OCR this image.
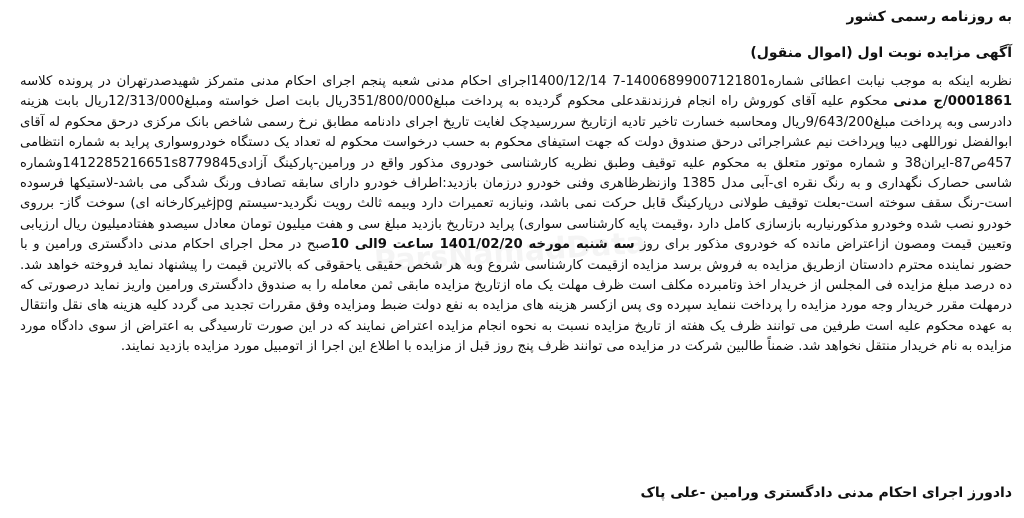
به روزنامه رسمی کشور
آگهی مزایده نوبت اول (اموال منقول)

نظربه اینکه به موجب نیابت اعطائی شماره14006899007121801-7 1400/12/14اجرای احکام مدنی شعبه پنجم اجرای احکام مدنی متمرکز شهیدصدرتهران در پرونده کلاسه 0001861/ج مدنی محکوم علیه آقای کوروش راه انجام فرزندنقدعلی محکوم گردیده به پرداخت مبلغ351/800/000ریال بابت اصل خواسته ومبلغ12/313/000ریال بابت هزینه دادرسی وبه پرداخت مبلغ9/643/200ریال ومحاسبه خسارت تاخیر تادیه ازتاریخ سررسیدچک لغایت تاریخ اجرای دادنامه مطابق نرخ رسمی شاخص بانک مرکزی درحق محکوم له آقای ابوالفضل نوراللهی دیبا وپرداخت نیم عشراجرائی درحق صندوق دولت که جهت استیفای محکوم به حسب درخواست محکوم له تعداد یک دستگاه خودروسواری پراید به شماره انتظامی 457ص87-ایران38 و شماره موتور متعلق به محکوم علیه توقیف وطبق نظریه کارشناسی خودروی مذکور واقع در ورامین-پارکینگ آزادی1412285216651s8779845وشماره شاسی حصارک نگهداری و به رنگ نقره ای-آبی مدل 1385 وازنظرظاهری وفنی خودرو درزمان بازدید:اطراف خودرو دارای سابقه تصادف ورنگ شدگی می باشد-لاستیکها فرسوده است-رنگ سقف سوخته است-بعلت توقیف طولانی درپارکینگ قابل حرکت نمی باشد، ونیازبه تعمیرات دارد وبیمه ثالث رویت نگردید-سیستم jpgغیرکارخانه ای) سوخت گاز- برروی خودرو نصب شده وخودرو مذکورنیاربه بازسازی کامل دارد ،وقیمت پایه کارشناسی سواری) پراید درتاریخ بازدید مبلغ سی و هفت میلیون تومان معادل سیصدو هفتادمیلیون ریال ارزیابی وتعیین قیمت ومصون ازاعتراض مانده که خودروی مذکور برای روز سه شنبه مورخه 1401/02/20 ساعت 9الی 10صبح در محل اجرای احکام مدنی دادگستری ورامین و با حضور نماینده محترم دادستان ازطریق مزایده به فروش برسد مزایده ازقیمت کارشناسی شروع وبه هر شخص حقیقی یاحقوقی که بالاترین قیمت را پیشنهاد نماید فروخته خواهد شد. ده درصد مبلغ مزایده فی المجلس از خریدار اخذ وتامبرده مکلف است ظرف مهلت یک ماه ازتاریخ مزایده مابقی ثمن معامله را به صندوق دادگستری ورامین واریز نماید درصورتی که درمهلت مقرر خریدار وجه مورد مزایده را پرداخت ننماید سپرده وی پس ازکسر هزینه های مزایده به نفع دولت ضبط ومزایده وفق مقررات تجدید می گردد کلیه هزینه های نقل وانتقال به عهده محکوم علیه است طرفین می توانند ظرف یک هفته از تاریخ مزایده نسبت به نحوه انجام مزایده اعتراض نمایند که در این صورت تارسیدگی به اعتراض از سوی دادگاه مورد مزایده به نام خریدار منتقل نخواهد شد. ضمناً طالبین شرکت در مزایده می توانند ظرف پنج روز قبل از مزایده با اطلاع این اجرا از اتومبیل مورد مزایده بازدید نمایند.

دادورز اجرای احکام مدنی دادگستری ورامین -علی پاک
